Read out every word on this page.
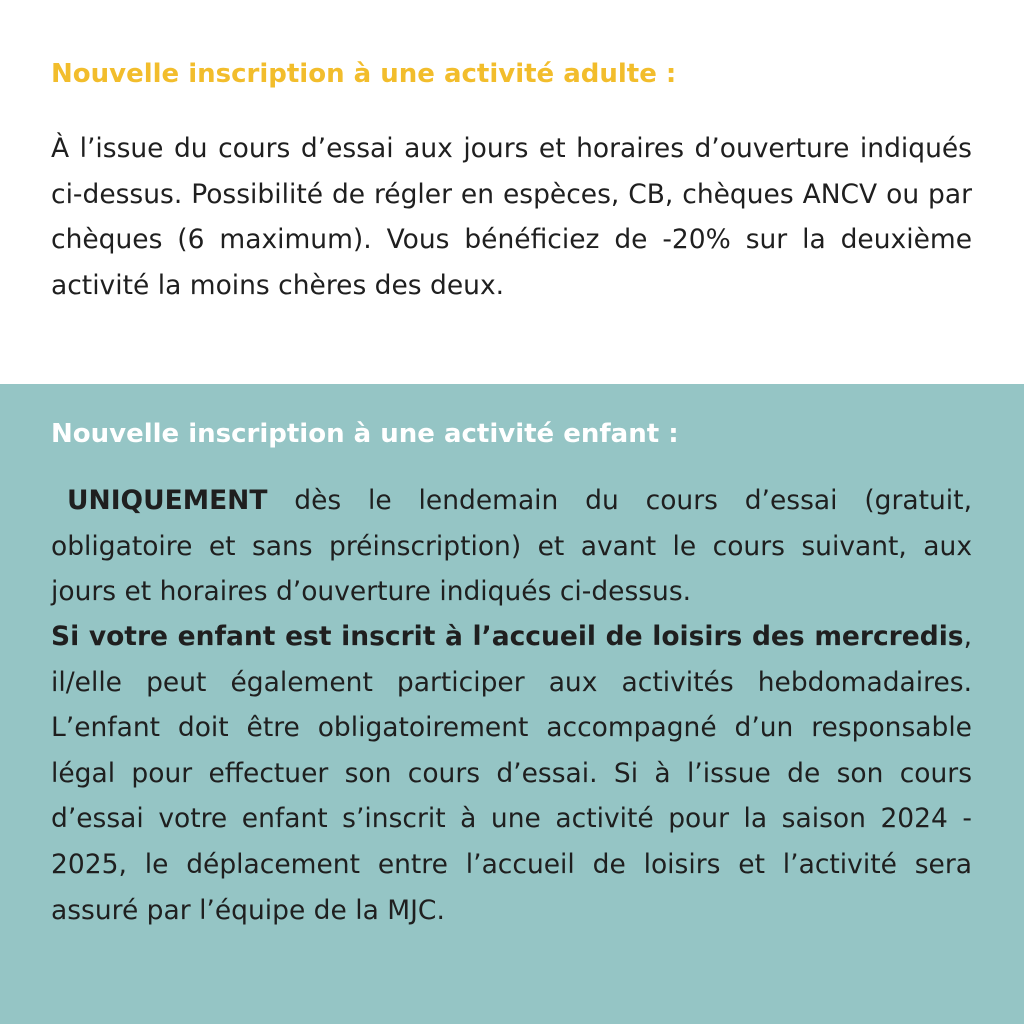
Nouvelle inscription à une activité adulte :

À l’issue du cours d’essai aux jours et horaires d’ouverture indiqués ci-dessus. Possibilité de régler en espèces, CB, chèques ANCV ou par chèques (6 maximum). Vous bénéficiez de -20% sur la deuxième activité la moins chères des deux.

Nouvelle inscription à une activité enfant :

UNIQUEMENT dès le lendemain du cours d’essai (gratuit, obligatoire et sans préinscription) et avant le cours suivant, aux jours et horaires d’ouverture indiqués ci-dessus.

Si votre enfant est inscrit à l’accueil de loisirs des mercredis, il/elle peut également participer aux activités hebdomadaires. L’enfant doit être obligatoirement accompagné d’un responsable légal pour effectuer son cours d’essai. Si à l’issue de son cours d’essai votre enfant s’inscrit à une activité pour la saison 2024 - 2025, le déplacement entre l’accueil de loisirs et l’activité sera assuré par l’équipe de la MJC.
